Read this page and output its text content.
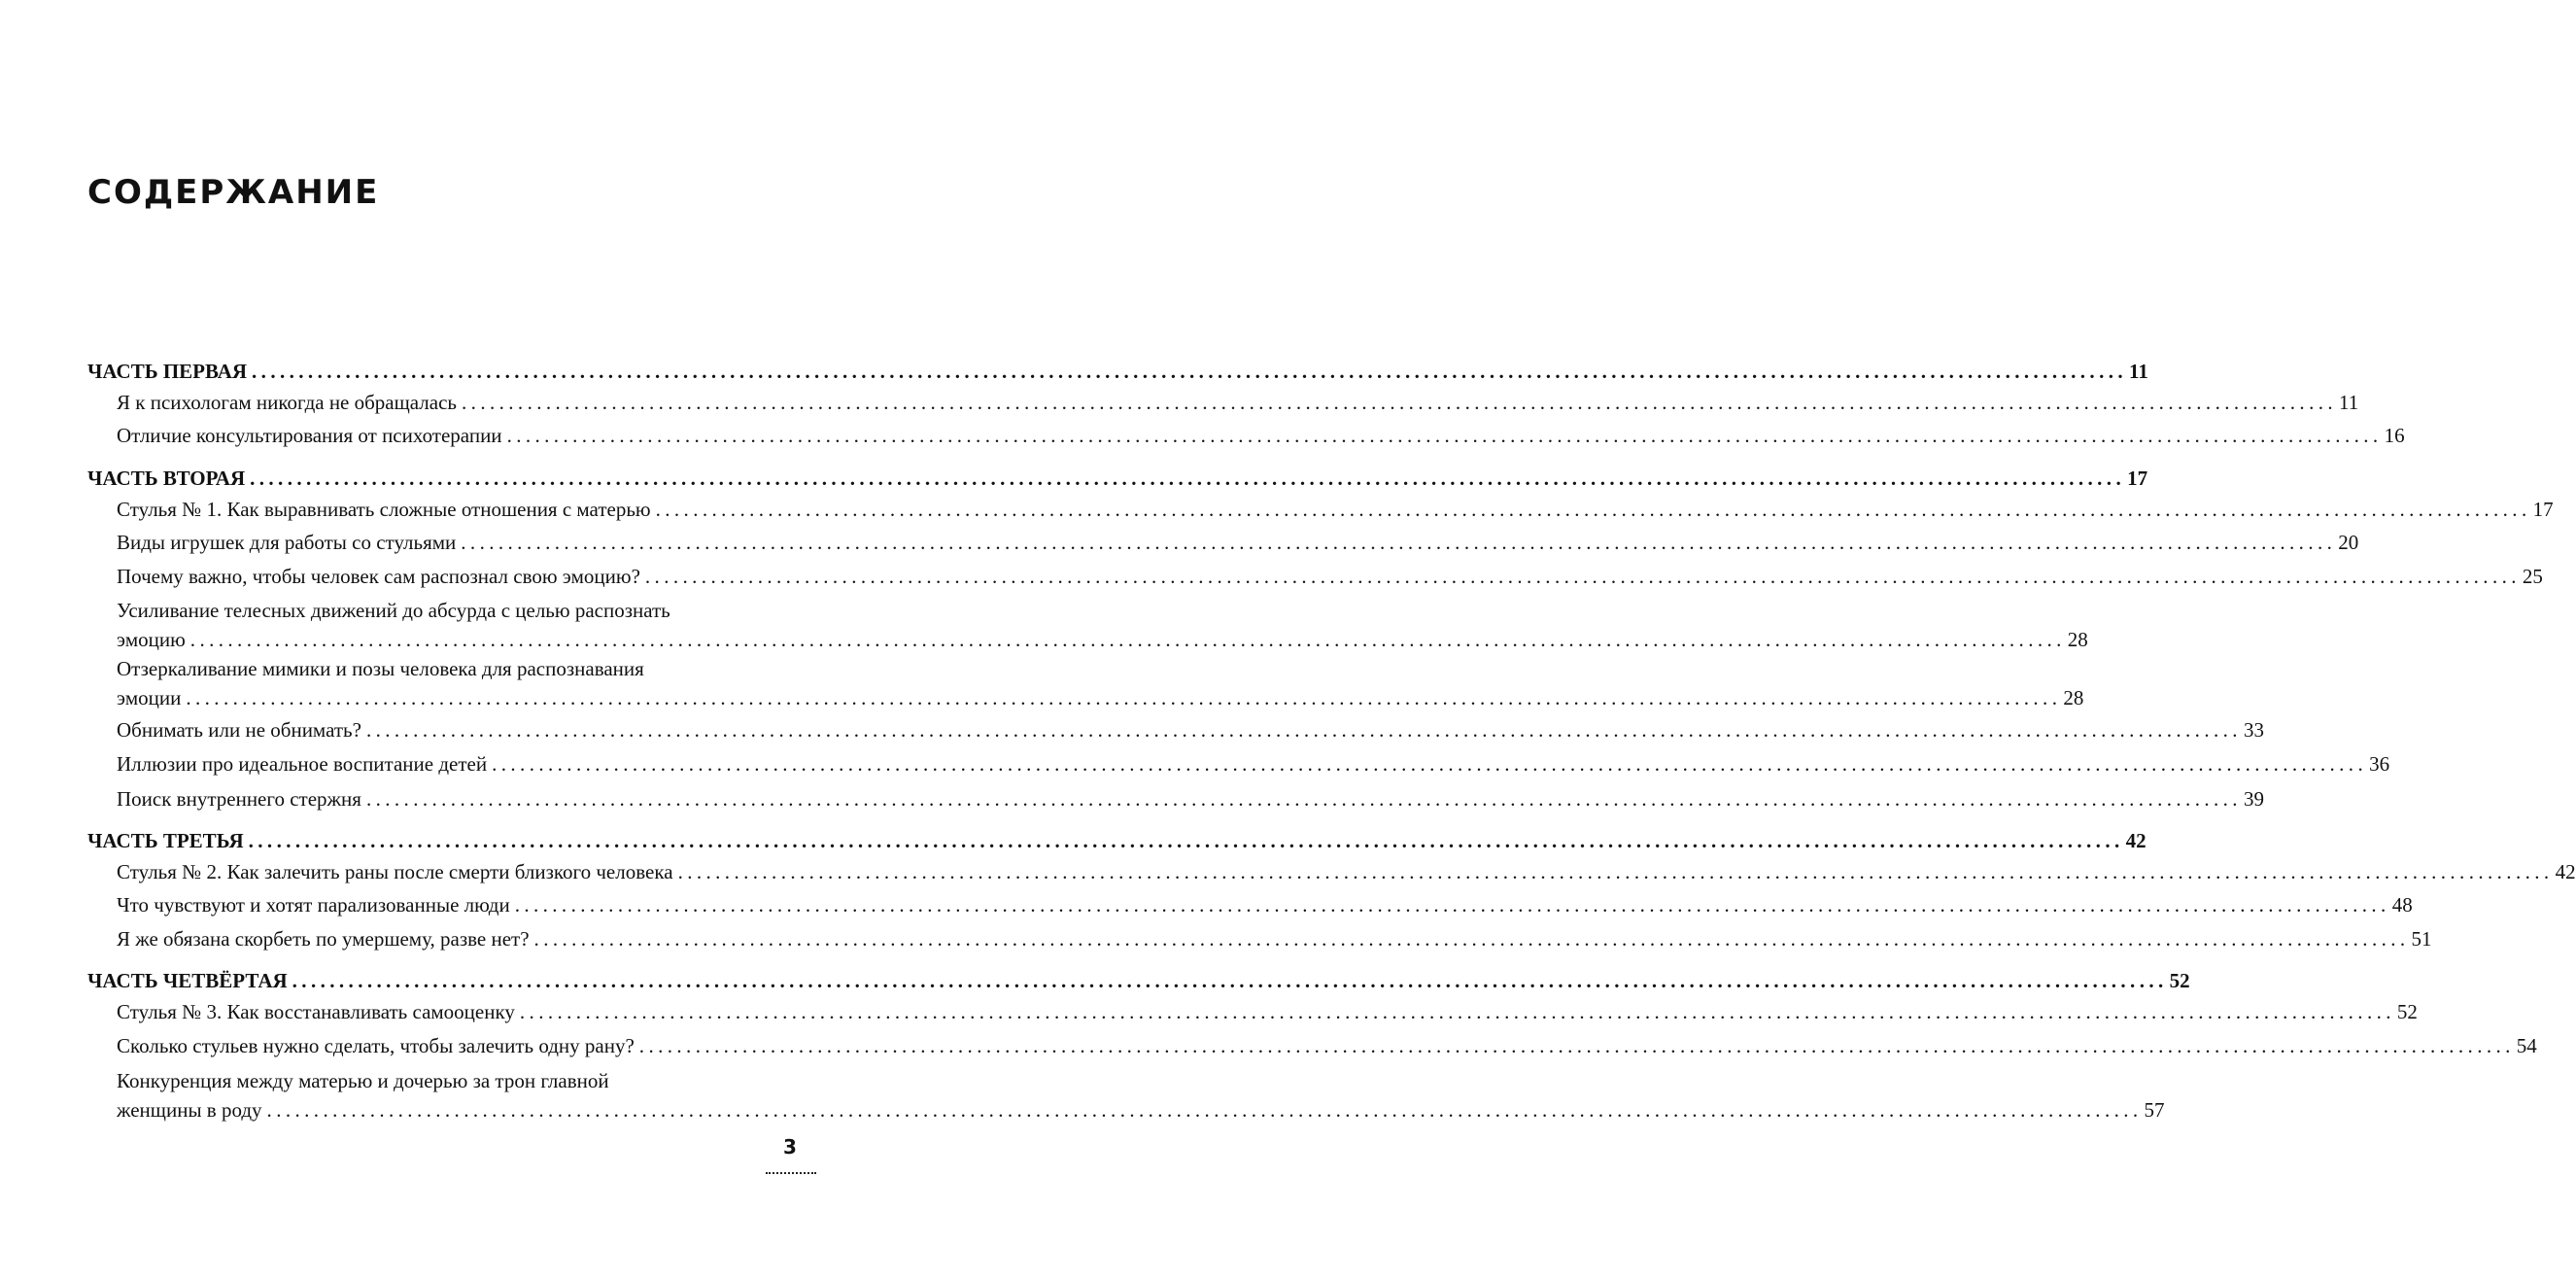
СОДЕРЖАНИЕ
ЧАСТЬ ПЕРВАЯ ........................................................................................................................................................................................................ 11
Я к психологам никогда не обращалась ........................................................................................................................................................................................................ 11
Отличие консультирования от психотерапии ........................................................................................................................................................................................................ 16
ЧАСТЬ ВТОРАЯ ........................................................................................................................................................................................................ 17
Стулья № 1. Как выравнивать сложные отношения с матерью ........................................................................................................................................................................................................ 17
Виды игрушек для работы со стульями ........................................................................................................................................................................................................ 20
Почему важно, чтобы человек сам распознал свою эмоцию? ........................................................................................................................................................................................................ 25
Усиливание телесных движений до абсурда с целью распознать
эмоцию ........................................................................................................................................................................................................ 28
Отзеркаливание мимики и позы человека для распознавания
эмоции ........................................................................................................................................................................................................ 28
Обнимать или не обнимать? ........................................................................................................................................................................................................ 33
Иллюзии про идеальное воспитание детей ........................................................................................................................................................................................................ 36
Поиск внутреннего стержня ........................................................................................................................................................................................................ 39
ЧАСТЬ ТРЕТЬЯ ........................................................................................................................................................................................................ 42
Стулья № 2. Как залечить раны после смерти близкого человека ........................................................................................................................................................................................................ 42
Что чувствуют и хотят парализованные люди ........................................................................................................................................................................................................ 48
Я же обязана скорбеть по умершему, разве нет? ........................................................................................................................................................................................................ 51
ЧАСТЬ ЧЕТВЁРТАЯ ........................................................................................................................................................................................................ 52
Стулья № 3. Как восстанавливать самооценку ........................................................................................................................................................................................................ 52
Сколько стульев нужно сделать, чтобы залечить одну рану? ........................................................................................................................................................................................................ 54
Конкуренция между матерью и дочерью за трон главной
женщины в роду ........................................................................................................................................................................................................ 57
3
